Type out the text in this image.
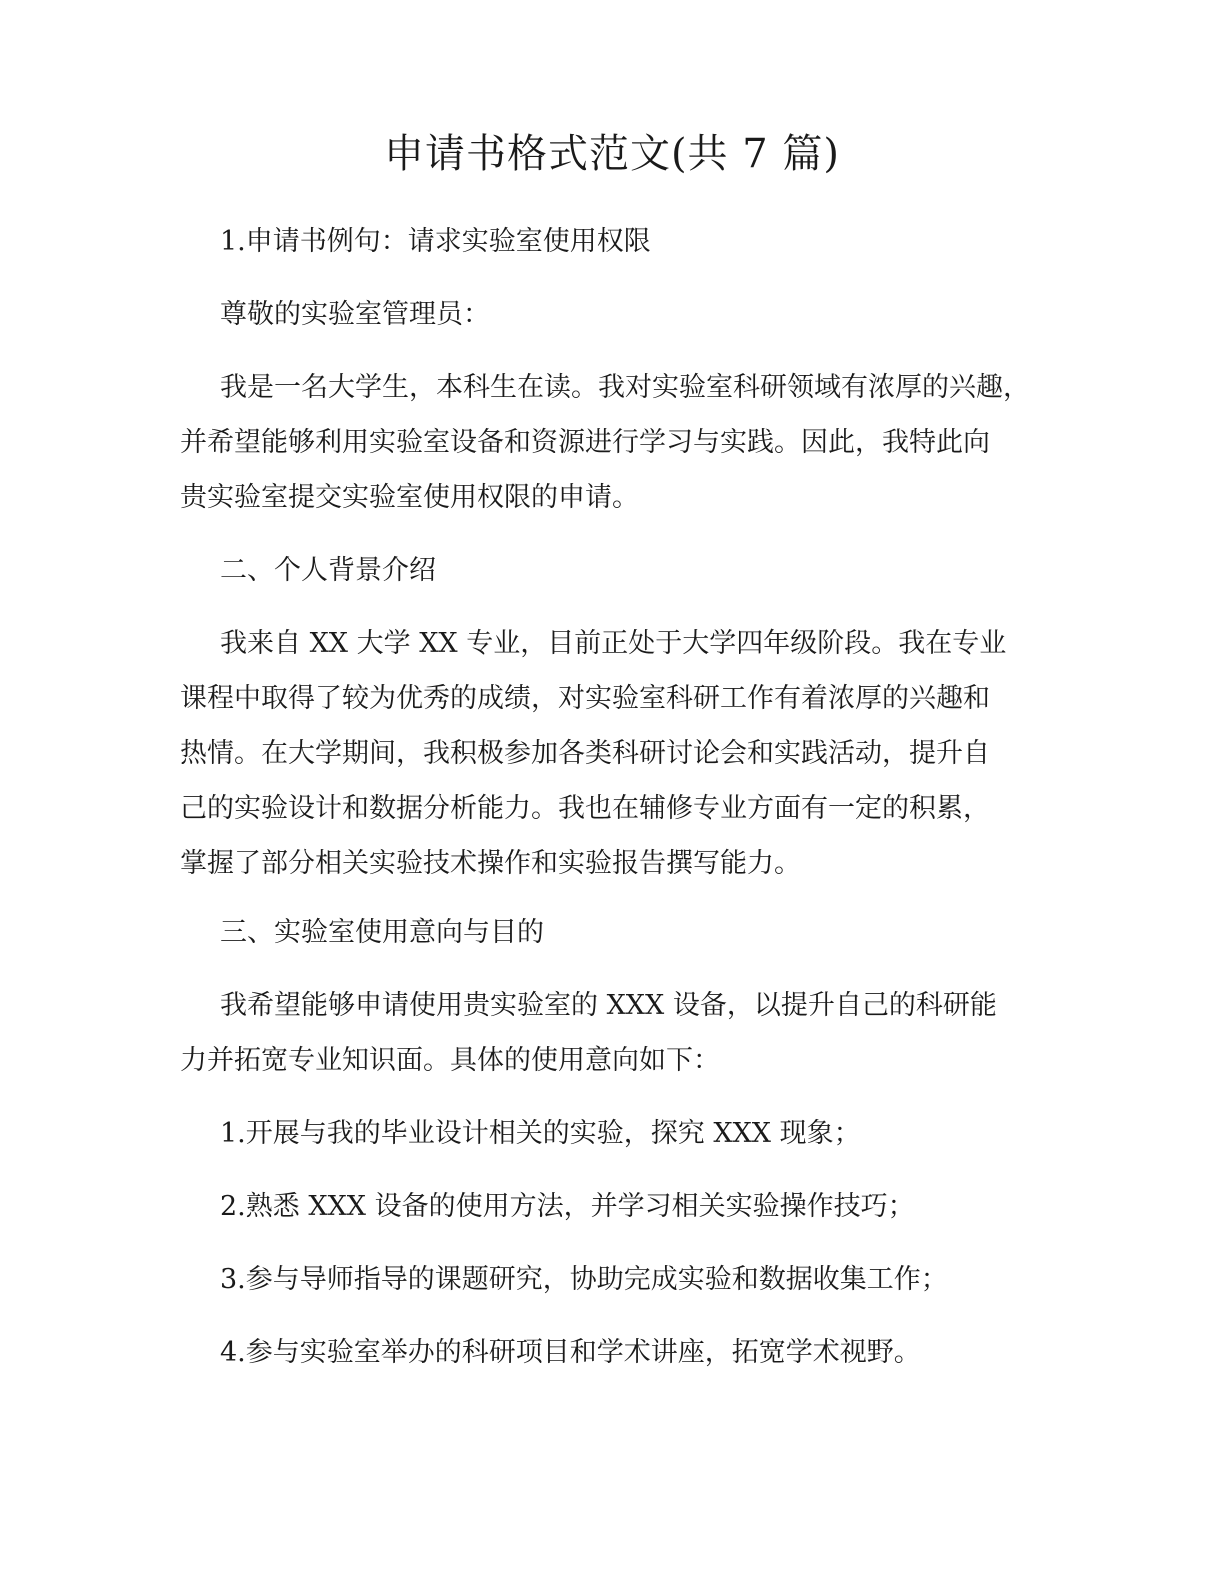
申请书格式范文(共 7 篇)
1.申请书例句：请求实验室使用权限
尊敬的实验室管理员：
我是一名大学生，本科生在读。我对实验室科研领域有浓厚的兴趣，
并希望能够利用实验室设备和资源进行学习与实践。因此，我特此向
贵实验室提交实验室使用权限的申请。
二、个人背景介绍
我来自 XX 大学 XX 专业，目前正处于大学四年级阶段。我在专业
课程中取得了较为优秀的成绩，对实验室科研工作有着浓厚的兴趣和
热情。在大学期间，我积极参加各类科研讨论会和实践活动，提升自
己的实验设计和数据分析能力。我也在辅修专业方面有一定的积累，
掌握了部分相关实验技术操作和实验报告撰写能力。
三、实验室使用意向与目的
我希望能够申请使用贵实验室的 XXX 设备，以提升自己的科研能
力并拓宽专业知识面。具体的使用意向如下：
1.开展与我的毕业设计相关的实验，探究 XXX 现象；
2.熟悉 XXX 设备的使用方法，并学习相关实验操作技巧；
3.参与导师指导的课题研究，协助完成实验和数据收集工作；
4.参与实验室举办的科研项目和学术讲座，拓宽学术视野。
